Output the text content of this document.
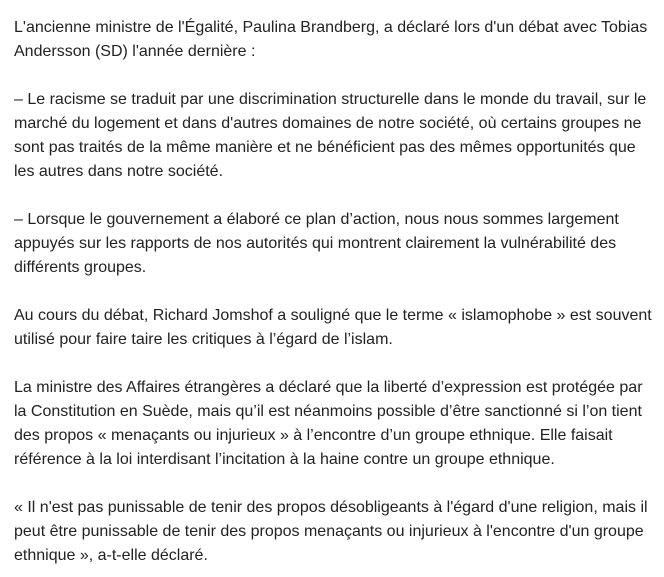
L'ancienne ministre de l'Égalité, Paulina Brandberg, a déclaré lors d'un débat avec Tobias Andersson (SD) l'année dernière :

– Le racisme se traduit par une discrimination structurelle dans le monde du travail, sur le marché du logement et dans d'autres domaines de notre société, où certains groupes ne sont pas traités de la même manière et ne bénéficient pas des mêmes opportunités que les autres dans notre société.

– Lorsque le gouvernement a élaboré ce plan d’action, nous nous sommes largement appuyés sur les rapports de nos autorités qui montrent clairement la vulnérabilité des différents groupes.

Au cours du débat, Richard Jomshof a souligné que le terme « islamophobe » est souvent utilisé pour faire taire les critiques à l’égard de l’islam.

La ministre des Affaires étrangères a déclaré que la liberté d’expression est protégée par la Constitution en Suède, mais qu’il est néanmoins possible d’être sanctionné si l’on tient des propos « menaçants ou injurieux » à l’encontre d’un groupe ethnique. Elle faisait référence à la loi interdisant l’incitation à la haine contre un groupe ethnique.

« Il n'est pas punissable de tenir des propos désobligeants à l'égard d'une religion, mais il peut être punissable de tenir des propos menaçants ou injurieux à l'encontre d'un groupe ethnique », a-t-elle déclaré.
